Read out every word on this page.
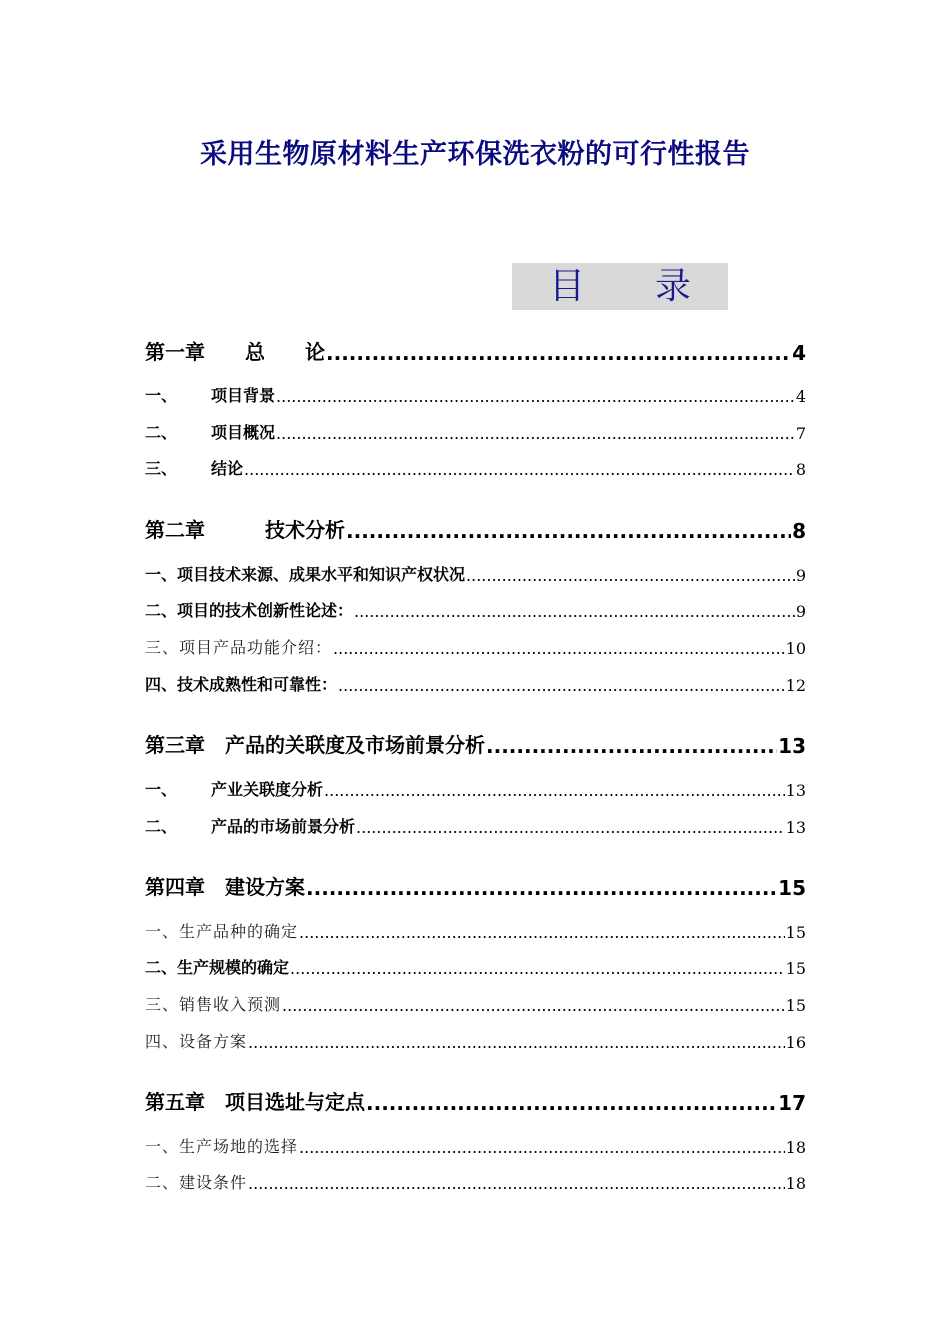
采用生物原材料生产环保洗衣粉的可行性报告
目 录
第一章　　总　　论 .....	4
一、 项目背景 .....	4
二、 项目概况 .....	7
三、 结论 .....	8
第二章　　　技术分析 .....	8
一、项目技术来源、成果水平和知识产权状况 .....	9
二、项目的技术创新性论述： .....	9
三、项目产品功能介绍： .....	10
四、技术成熟性和可靠性： .....	12
第三章　产品的关联度及市场前景分析 .....	13
一、 产业关联度分析 .....	13
二、 产品的市场前景分析 .....	13
第四章　建设方案 .....	15
一、生产品种的确定 .....	15
二、生产规模的确定 .....	15
三、销售收入预测 .....	15
四、设备方案 .....	16
第五章　项目选址与定点 .....	17
一、生产场地的选择 .....	18
二、建设条件 .....	18
